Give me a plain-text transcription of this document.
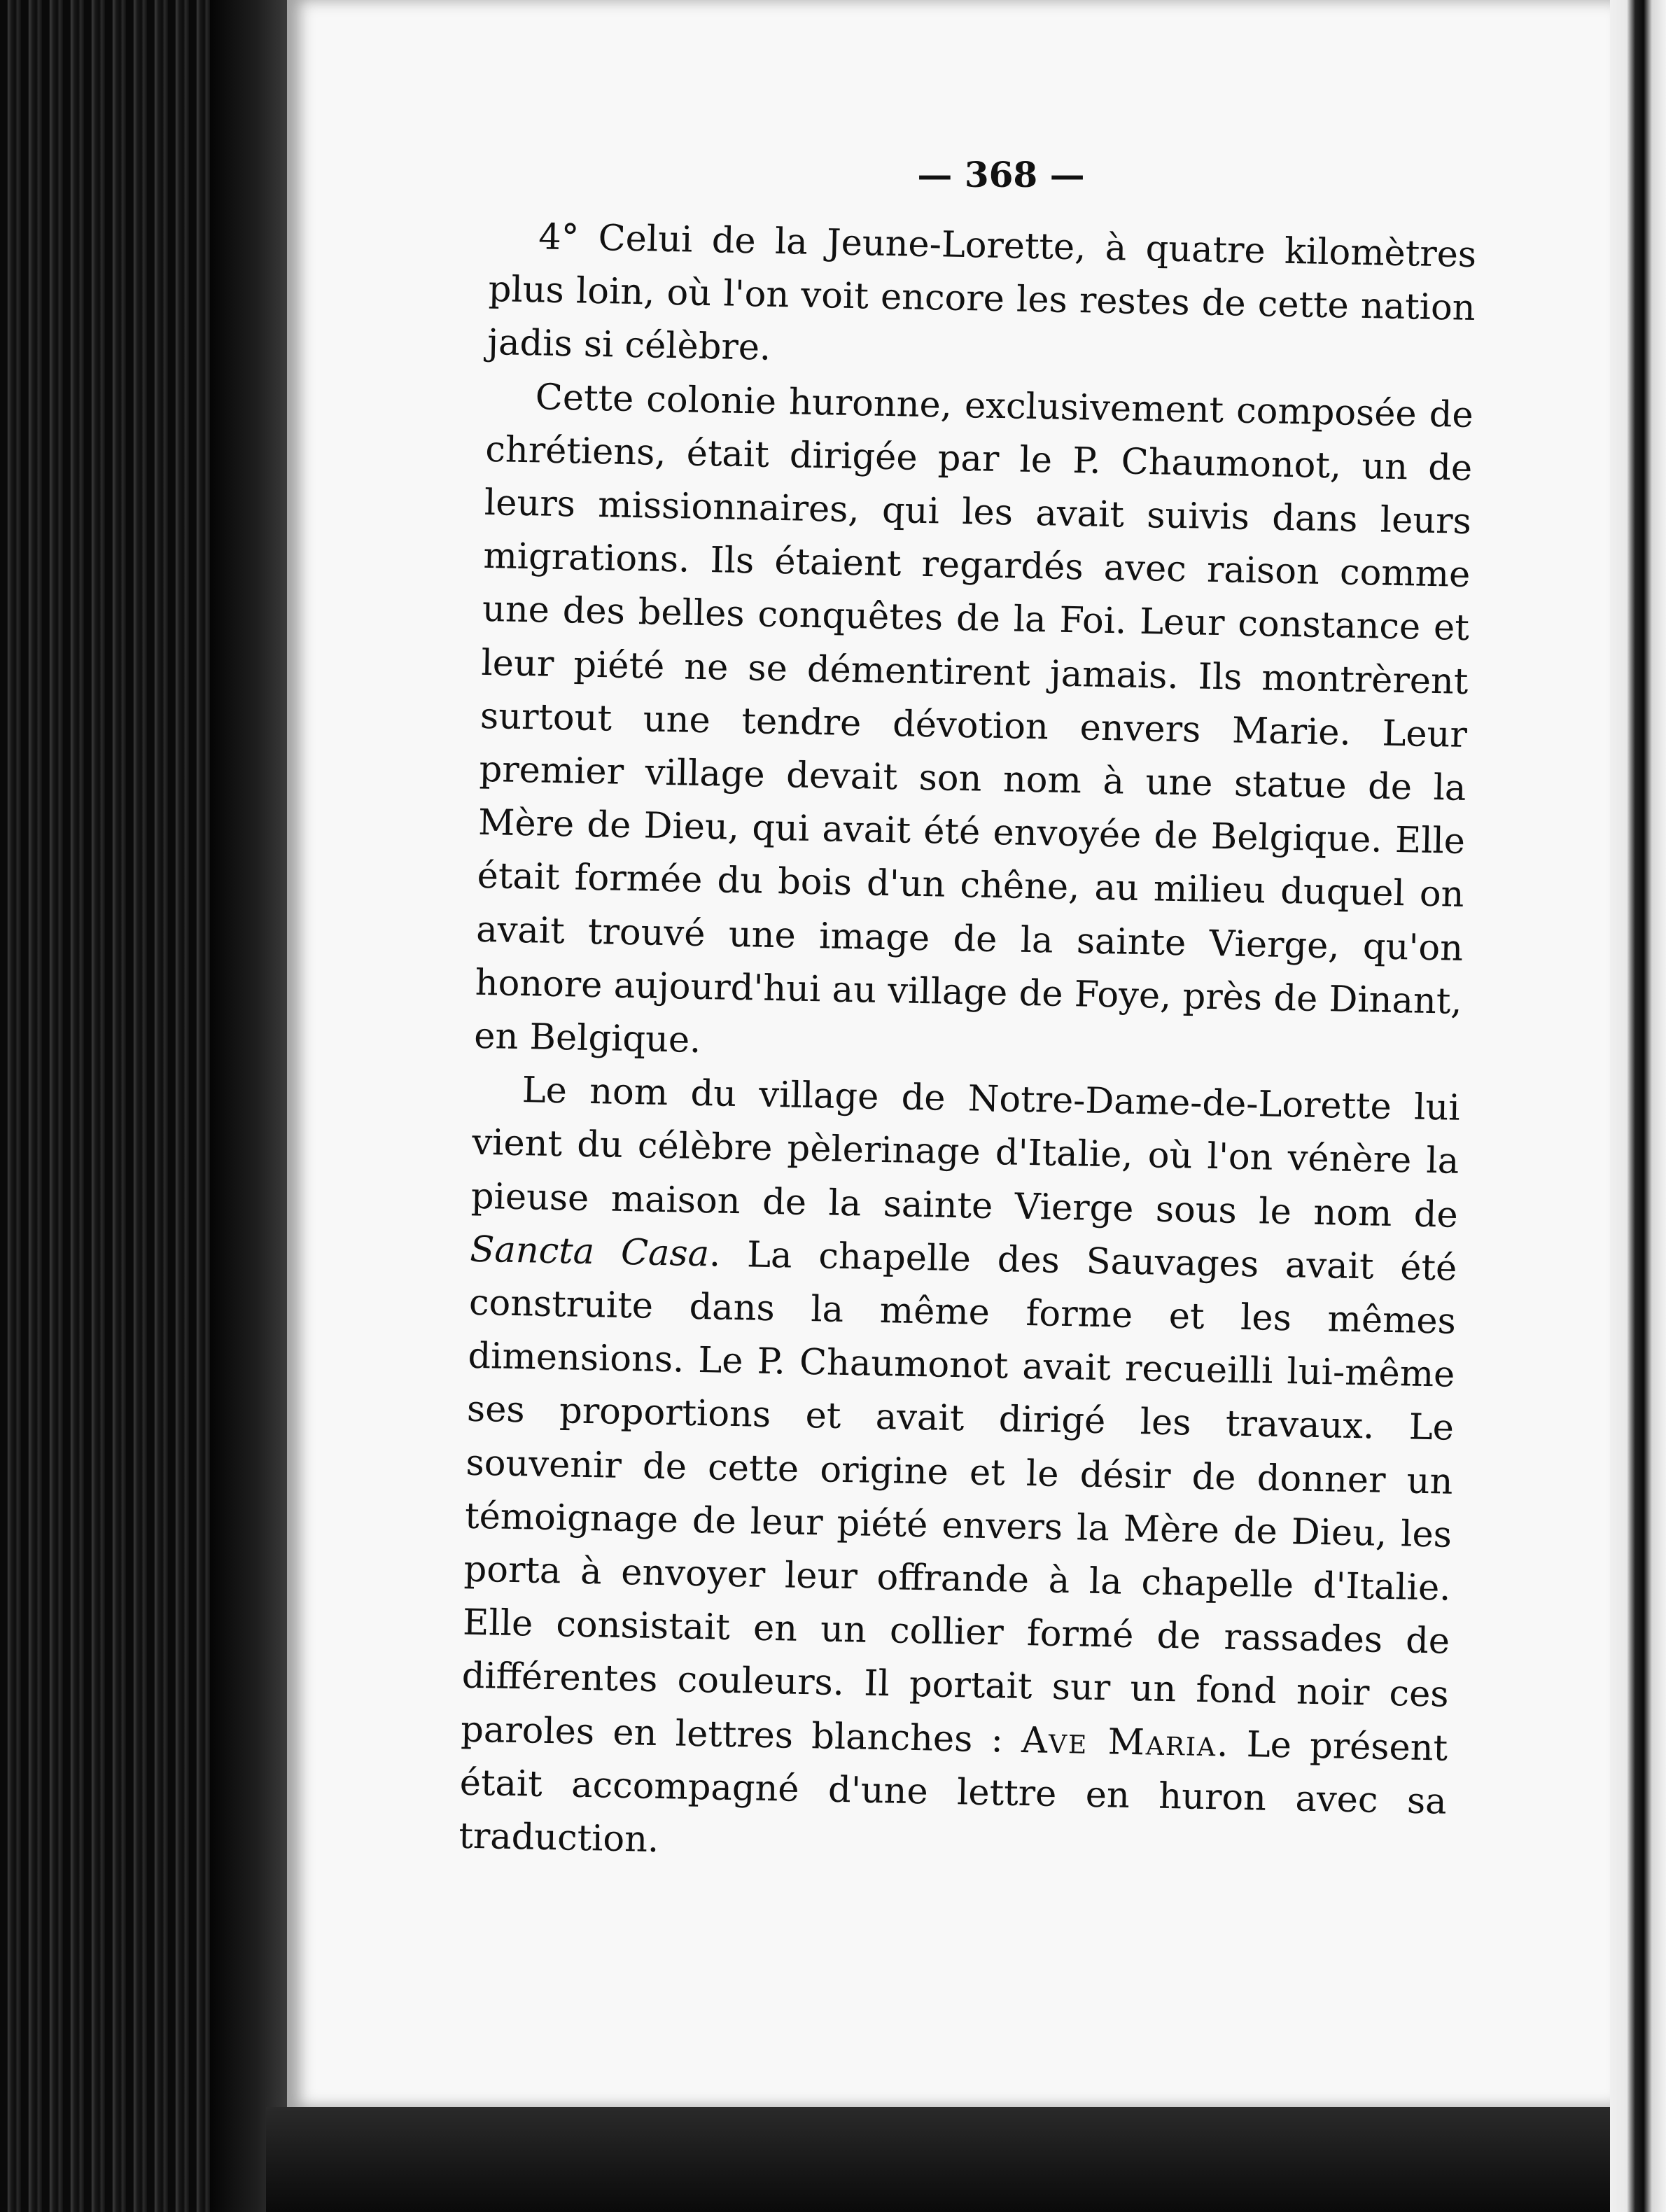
— 368 —

4° Celui de la Jeune-Lorette, à quatre kilomètres plus loin, où l'on voit encore les restes de cette nation jadis si célèbre.

Cette colonie huronne, exclusivement composée de chrétiens, était dirigée par le P. Chaumonot, un de leurs missionnaires, qui les avait suivis dans leurs migrations. Ils étaient regardés avec raison comme une des belles conquêtes de la Foi. Leur constance et leur piété ne se démentirent jamais. Ils montrèrent surtout une tendre dévotion envers Marie. Leur premier village devait son nom à une statue de la Mère de Dieu, qui avait été envoyée de Belgique. Elle était formée du bois d'un chêne, au milieu duquel on avait trouvé une image de la sainte Vierge, qu'on honore aujourd'hui au village de Foye, près de Dinant, en Belgique.

Le nom du village de Notre-Dame-de-Lorette lui vient du célèbre pèlerinage d'Italie, où l'on vénère la pieuse maison de la sainte Vierge sous le nom de Sancta Casa. La chapelle des Sauvages avait été construite dans la même forme et les mêmes dimensions. Le P. Chaumonot avait recueilli lui-même ses proportions et avait dirigé les travaux. Le souvenir de cette origine et le désir de donner un témoignage de leur piété envers la Mère de Dieu, les porta à envoyer leur offrande à la chapelle d'Italie. Elle consistait en un collier formé de rassades de différentes couleurs. Il portait sur un fond noir ces paroles en lettres blanches : Ave Maria. Le présent était accompagné d'une lettre en huron avec sa traduction.
